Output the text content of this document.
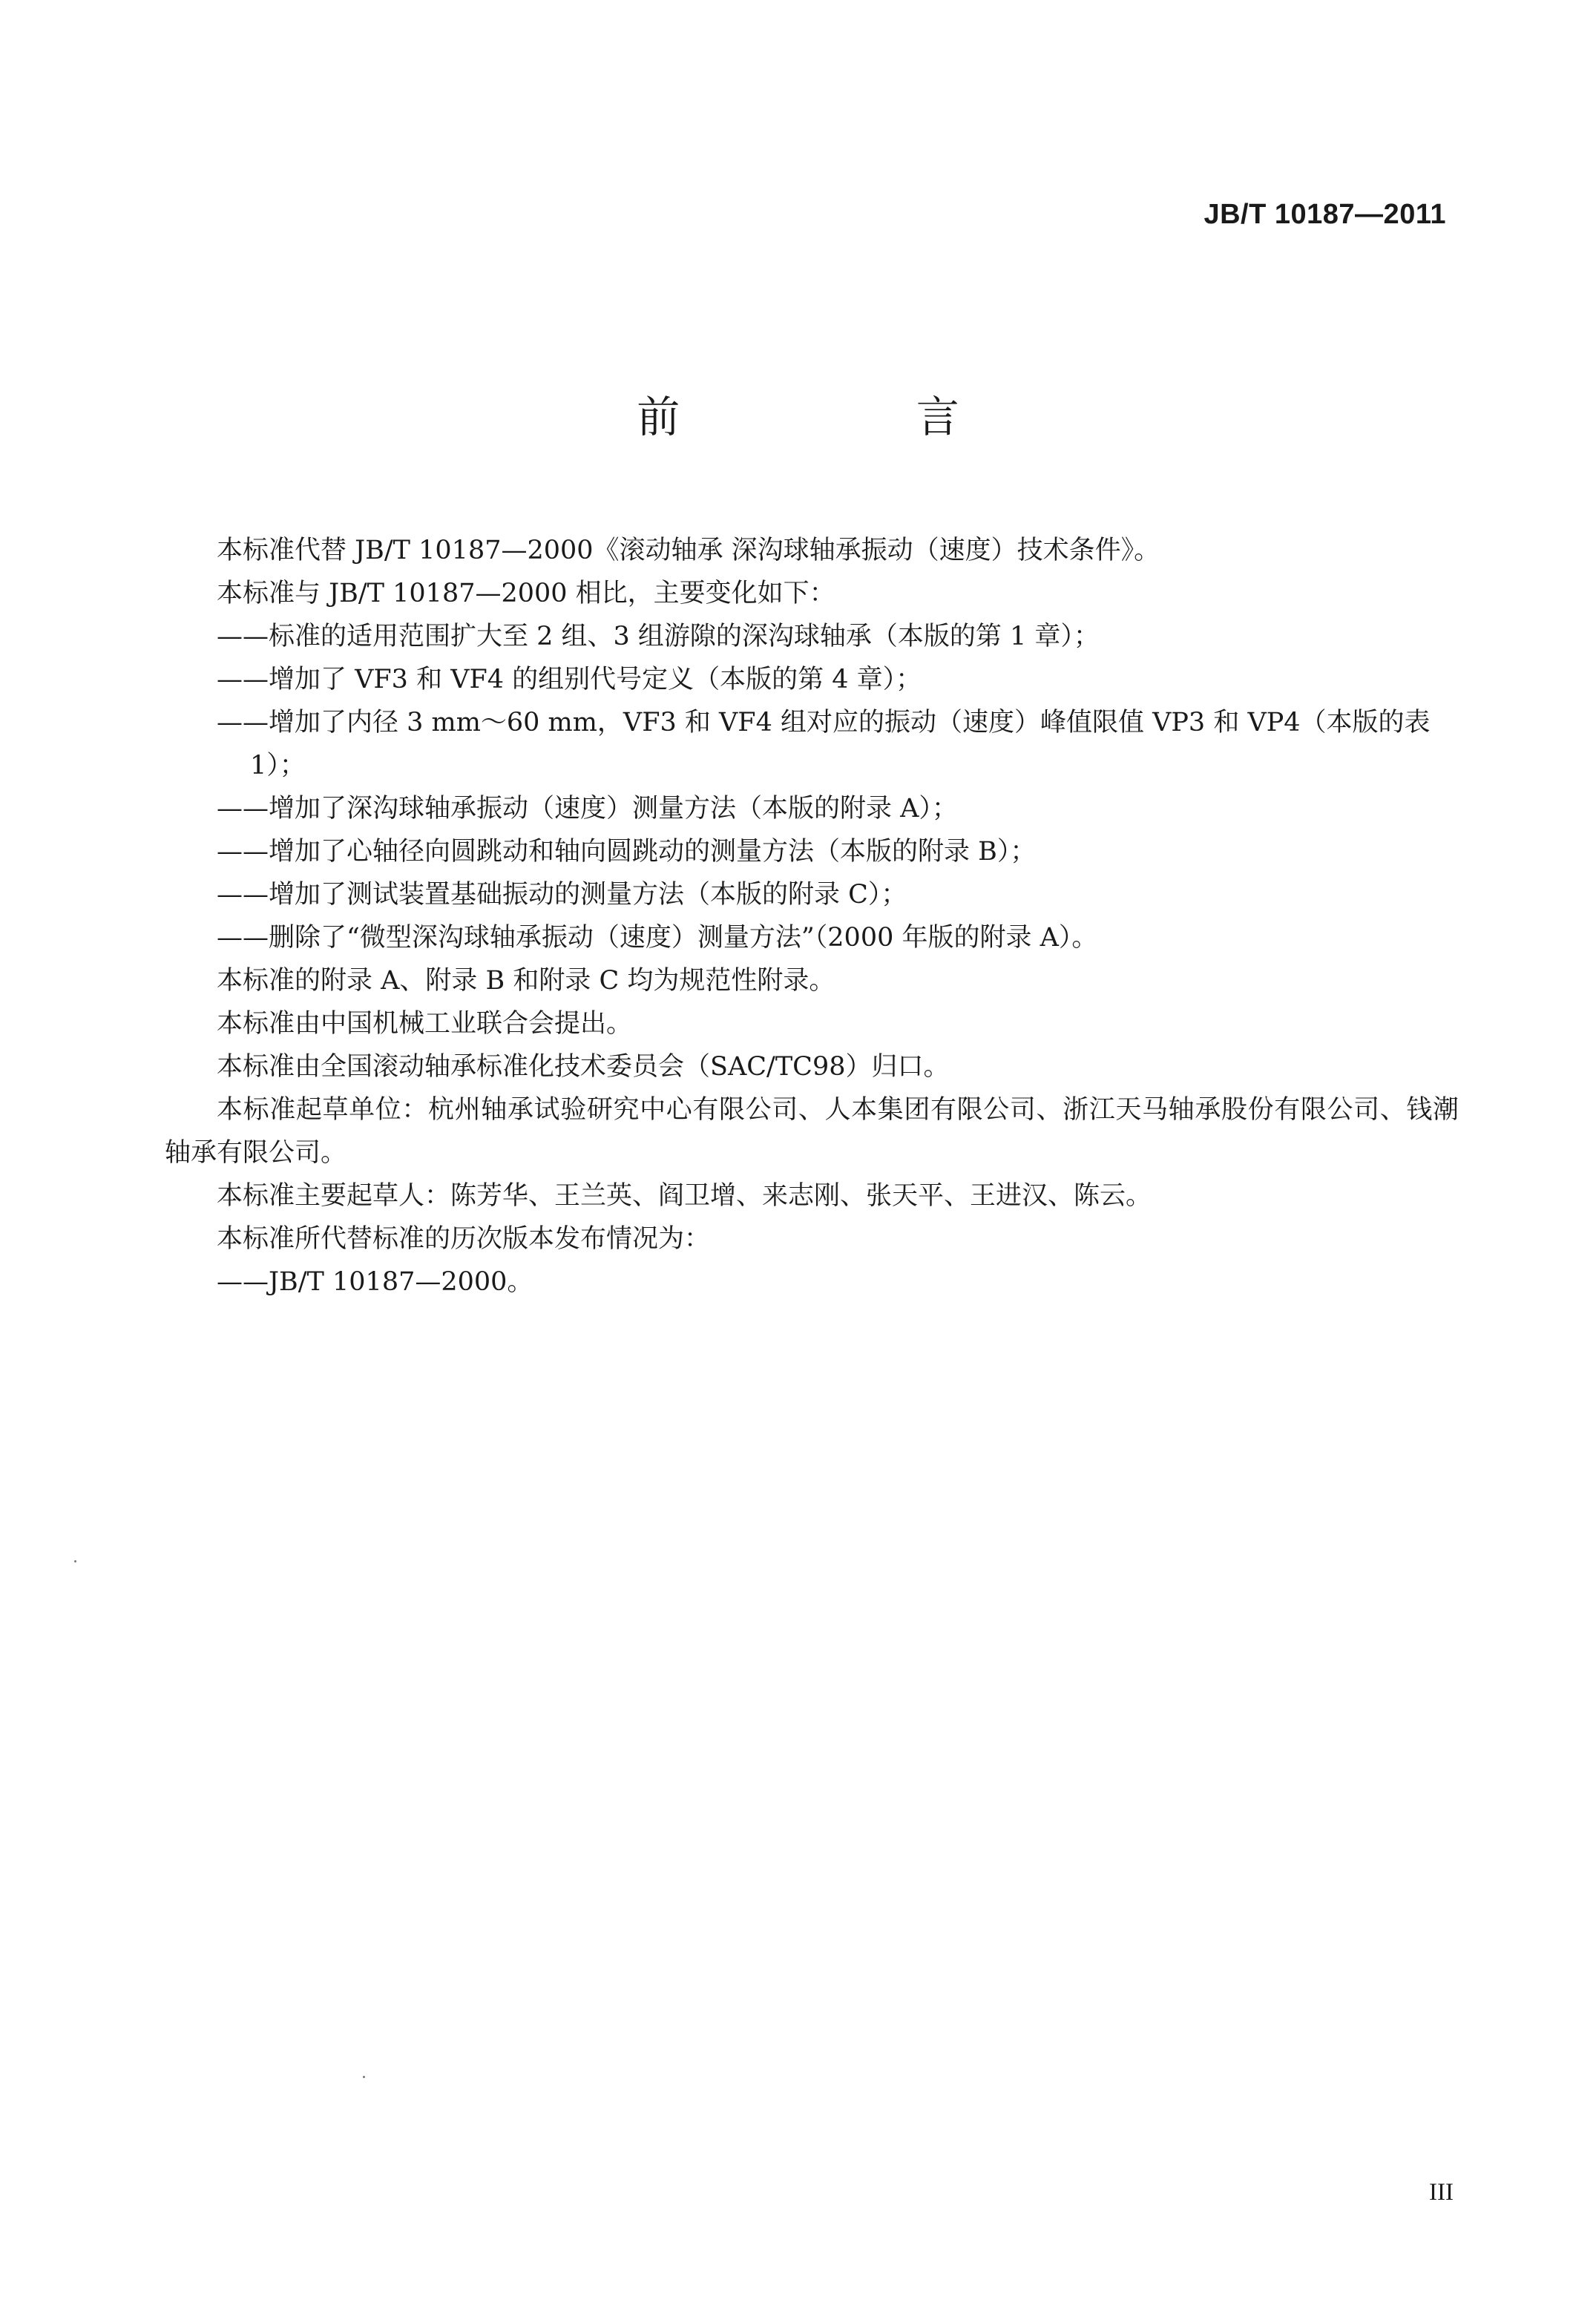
JB/T 10187—2011
前 言

本标准代替 JB/T 10187—2000《滚动轴承 深沟球轴承振动（速度）技术条件》。

本标准与 JB/T 10187—2000 相比，主要变化如下：

——标准的适用范围扩大至 2 组、3 组游隙的深沟球轴承（本版的第 1 章）；

——增加了 VF3 和 VF4 的组别代号定义（本版的第 4 章）；

——增加了内径 3 mm～60 mm，VF3 和 VF4 组对应的振动（速度）峰值限值 VP3 和 VP4（本版的表 1）；

——增加了深沟球轴承振动（速度）测量方法（本版的附录 A）；

——增加了心轴径向圆跳动和轴向圆跳动的测量方法（本版的附录 B）；

——增加了测试装置基础振动的测量方法（本版的附录 C）；

——删除了“微型深沟球轴承振动（速度）测量方法”（2000 年版的附录 A）。

本标准的附录 A、附录 B 和附录 C 均为规范性附录。

本标准由中国机械工业联合会提出。

本标准由全国滚动轴承标准化技术委员会（SAC/TC98）归口。

本标准起草单位：杭州轴承试验研究中心有限公司、人本集团有限公司、浙江天马轴承股份有限公司、钱潮轴承有限公司。

本标准主要起草人：陈芳华、王兰英、阎卫增、来志刚、张天平、王进汉、陈云。

本标准所代替标准的历次版本发布情况为：

——JB/T 10187—2000。

III
